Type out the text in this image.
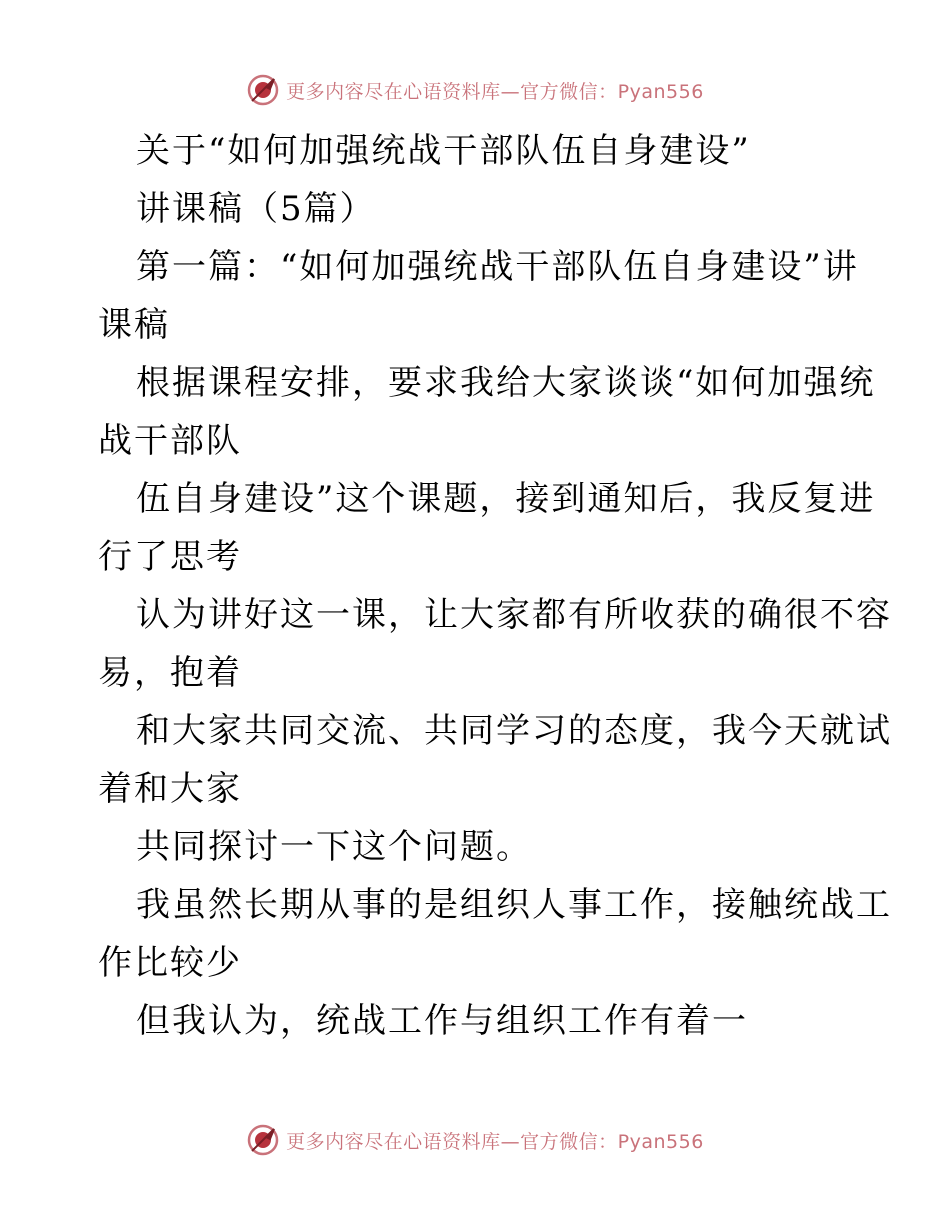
更多内容尽在心语资料库—官方微信：Pyan556
关于“如何加强统战干部队伍自身建设”
讲课稿（5篇）
第一篇：“如何加强统战干部队伍自身建设”讲
课稿
根据课程安排，要求我给大家谈谈“如何加强统
战干部队
伍自身建设”这个课题，接到通知后，我反复进
行了思考
认为讲好这一课，让大家都有所收获的确很不容
易，抱着
和大家共同交流、共同学习的态度，我今天就试
着和大家
共同探讨一下这个问题。
我虽然长期从事的是组织人事工作，接触统战工
作比较少
但我认为，统战工作与组织工作有着一
更多内容尽在心语资料库—官方微信：Pyan556
